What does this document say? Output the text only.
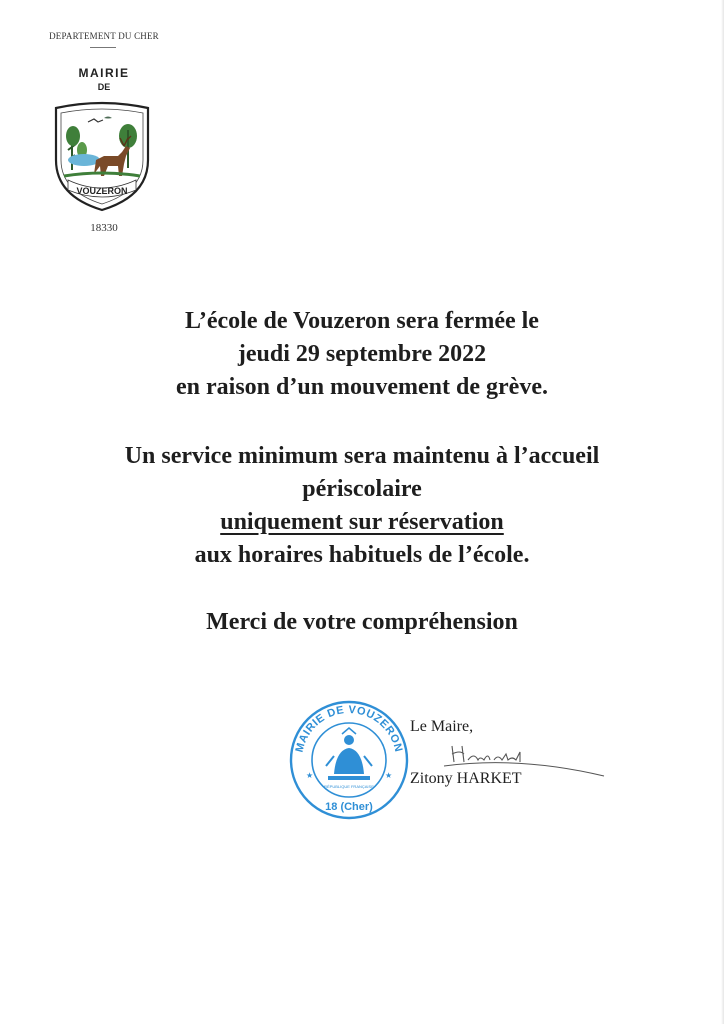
DEPARTEMENT DU CHER
MAIRIE
DE
VOUZERON
18330
L’école de Vouzeron sera fermée le
jeudi 29 septembre 2022
en raison d’un mouvement de grève.
Un service minimum sera maintenu à l’accueil
périscolaire
uniquement sur réservation
aux horaires habituels de l’école.
Merci de votre compréhension
MAIRIE DE VOUZERON
RÉPUBLIQUE FRANÇAISE
18 (Cher)
★	★
Le Maire,
Harket
Zitony HARKET
